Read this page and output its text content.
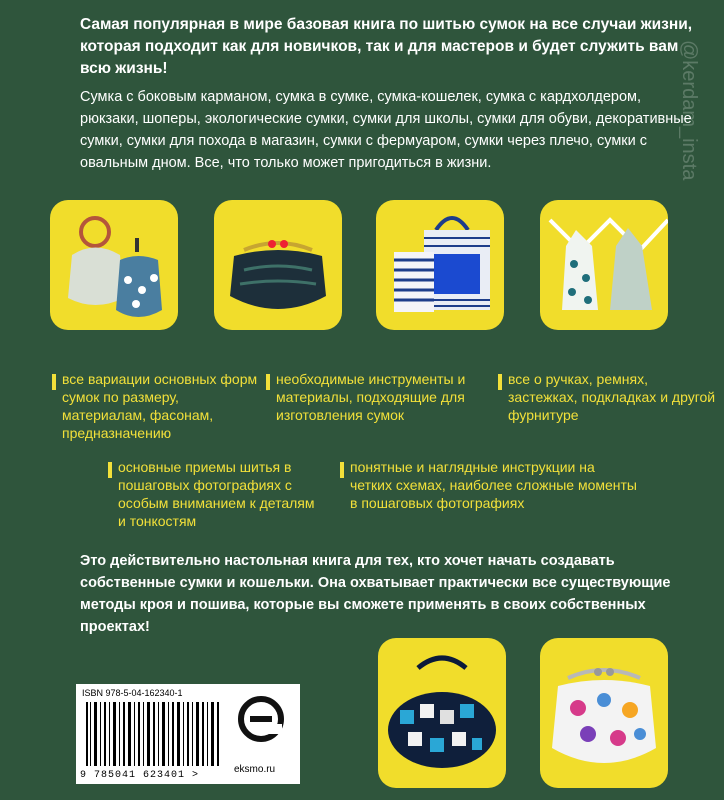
Самая популярная в мире базовая книга по шитью сумок на все случаи жизни, которая подходит как для новичков, так и для мастеров и будет служить вам всю жизнь!
Сумка с боковым карманом, сумка в сумке, сумка-кошелек, сумка с кардхолдером, рюкзаки, шоперы, экологические сумки, сумки для школы, сумки для обуви, декоративные сумки, сумки для похода в магазин, сумки с фермуаром, сумки через плечо, сумки с овальным дном. Все, что только может пригодиться в жизни.
все вариации основных форм сумок по размеру, материалам, фасонам, предназначению
необходимые инструменты и материалы, подходящие для изготовления сумок
все о ручках, ремнях, застежках, подкладках и другой фурнитуре
основные приемы шитья в пошаговых фотографиях с особым вниманием к деталям и тонкостям
понятные и наглядные инструкции на четких схемах, наиболее сложные моменты в пошаговых фотографиях
Это действительно настольная книга для тех, кто хочет начать создавать собственные сумки и кошельки. Она охватывает практически все существующие методы кроя и пошива, которые вы сможете применять в своих собственных проектах!
ISBN 978-5-04-162340-1
9 785041 623401 >
eksmo.ru
@kerdam_insta
